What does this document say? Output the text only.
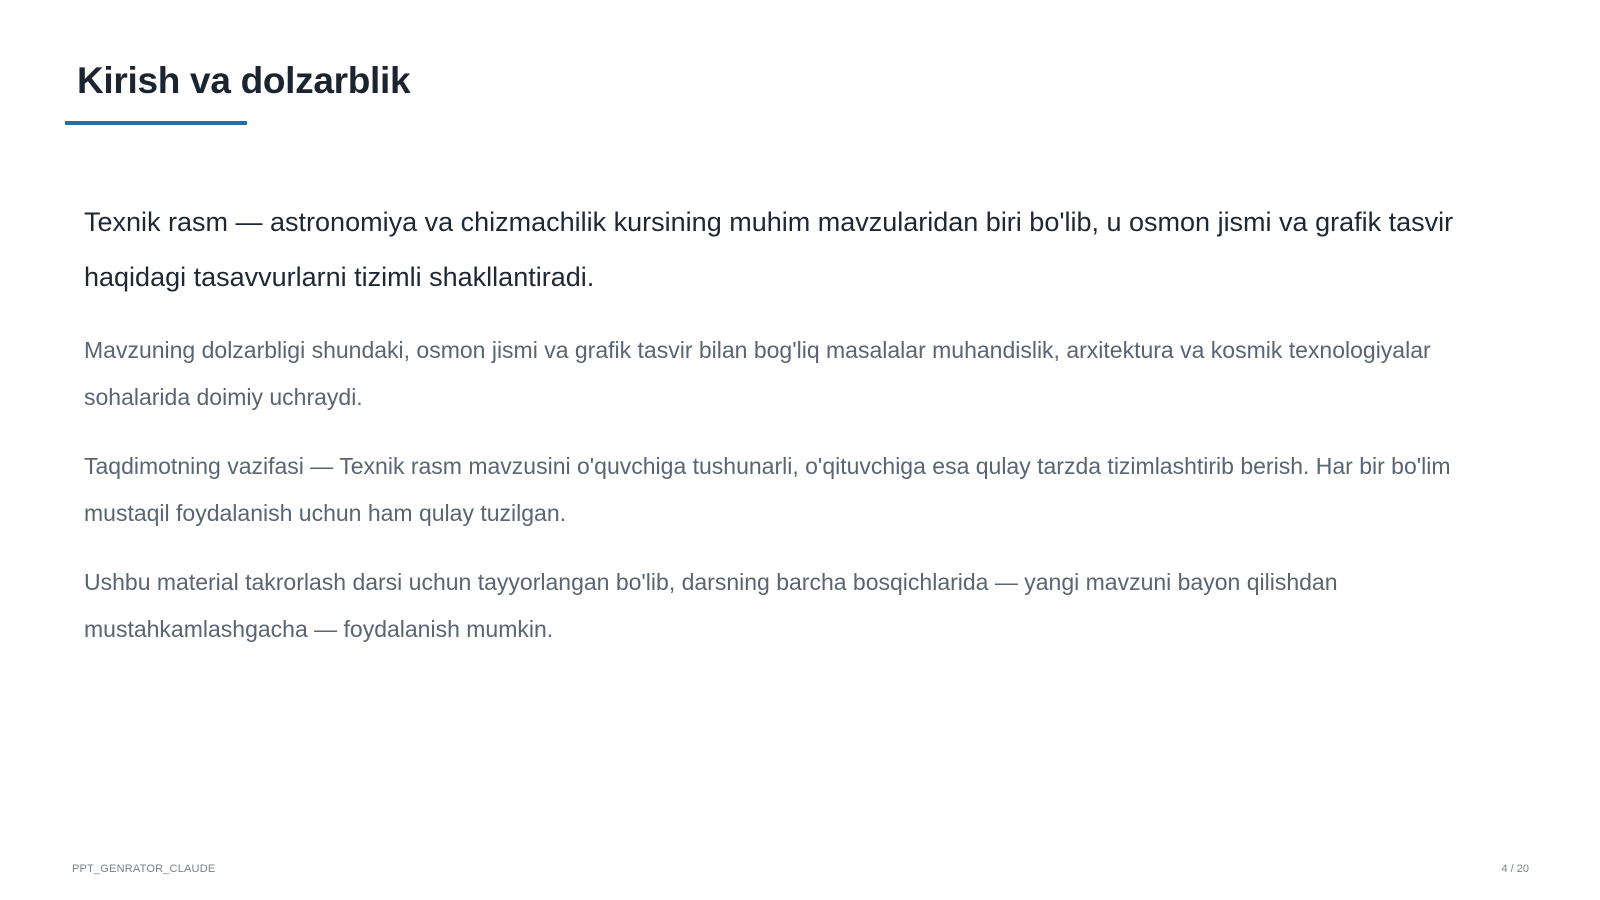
Kirish va dolzarblik

Texnik rasm — astronomiya va chizmachilik kursining muhim mavzularidan biri bo'lib, u osmon jismi va grafik tasvir haqidagi tasavvurlarni tizimli shakllantiradi.

Mavzuning dolzarbligi shundaki, osmon jismi va grafik tasvir bilan bog'liq masalalar muhandislik, arxitektura va kosmik texnologiyalar sohalarida doimiy uchraydi.

Taqdimotning vazifasi — Texnik rasm mavzusini o'quvchiga tushunarli, o'qituvchiga esa qulay tarzda tizimlashtirib berish. Har bir bo'lim mustaqil foydalanish uchun ham qulay tuzilgan.

Ushbu material takrorlash darsi uchun tayyorlangan bo'lib, darsning barcha bosqichlarida — yangi mavzuni bayon qilishdan mustahkamlashgacha — foydalanish mumkin.

PPT_GENRATOR_CLAUDE	4 / 20
